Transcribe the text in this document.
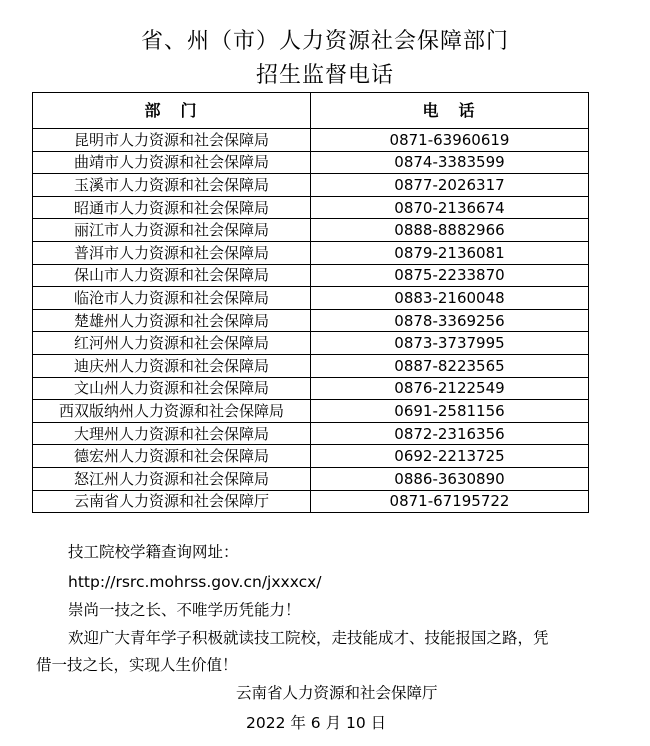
省、州（市）人力资源社会保障部门
招生监督电话
部　门	电　话
昆明市人力资源和社会保障局	0871-63960619
曲靖市人力资源和社会保障局	0874-3383599
玉溪市人力资源和社会保障局	0877-2026317
昭通市人力资源和社会保障局	0870-2136674
丽江市人力资源和社会保障局	0888-8882966
普洱市人力资源和社会保障局	0879-2136081
保山市人力资源和社会保障局	0875-2233870
临沧市人力资源和社会保障局	0883-2160048
楚雄州人力资源和社会保障局	0878-3369256
红河州人力资源和社会保障局	0873-3737995
迪庆州人力资源和社会保障局	0887-8223565
文山州人力资源和社会保障局	0876-2122549
西双版纳州人力资源和社会保障局	0691-2581156
大理州人力资源和社会保障局	0872-2316356
德宏州人力资源和社会保障局	0692-2213725
怒江州人力资源和社会保障局	0886-3630890
云南省人力资源和社会保障厅	0871-67195722
技工院校学籍查询网址：
http://rsrc.mohrss.gov.cn/jxxxcx/
崇尚一技之长、不唯学历凭能力！
欢迎广大青年学子积极就读技工院校，走技能成才、技能报国之路，凭
借一技之长，实现人生价值！
云南省人力资源和社会保障厅
2022 年 6 月 10 日
